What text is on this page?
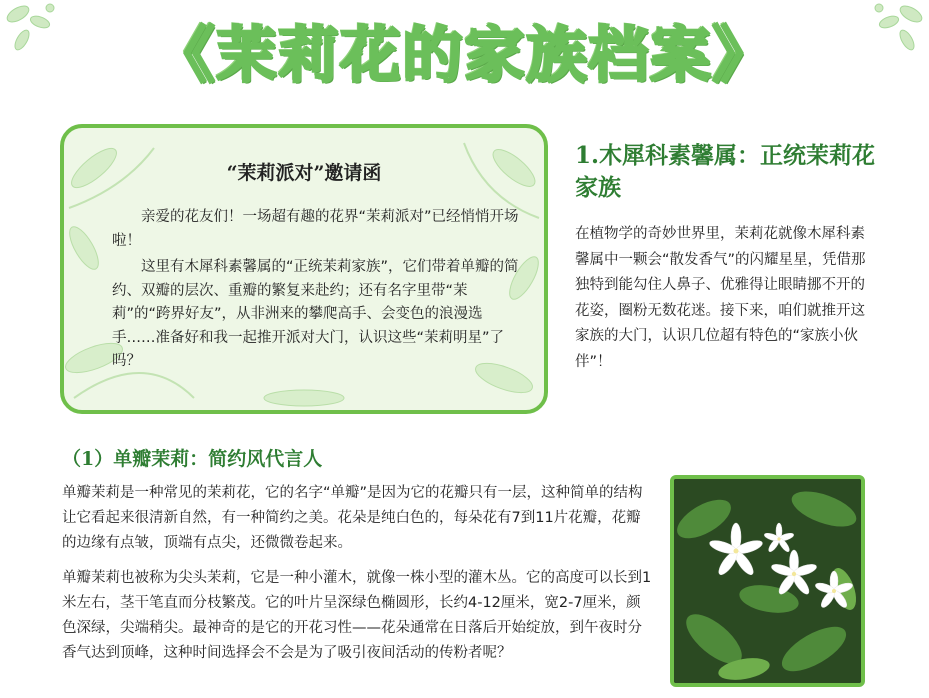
《茉莉花的家族档案》
“茉莉派对”邀请函

亲爱的花友们！一场超有趣的花界“茉莉派对”已经悄悄开场啦！

这里有木犀科素馨属的“正统茉莉家族”，它们带着单瓣的简约、双瓣的层次、重瓣的繁复来赴约；还有名字里带“茉莉”的“跨界好友”，从非洲来的攀爬高手、会变色的浪漫选手……准备好和我一起推开派对大门，认识这些“茉莉明星”了吗？

1.木犀科素馨属：正统茉莉花家族

在植物学的奇妙世界里，茉莉花就像木犀科素馨属中一颗会“散发香气”的闪耀星星，凭借那独特到能勾住人鼻子、优雅得让眼睛挪不开的花姿，圈粉无数花迷。接下来，咱们就推开这家族的大门，认识几位超有特色的“家族小伙伴”！

（1）单瓣茉莉：简约风代言人

单瓣茉莉是一种常见的茉莉花，它的名字“单瓣”是因为它的花瓣只有一层，这种简单的结构让它看起来很清新自然，有一种简约之美。花朵是纯白色的，每朵花有7到11片花瓣，花瓣的边缘有点皱，顶端有点尖，还微微卷起来。

单瓣茉莉也被称为尖头茉莉，它是一种小灌木，就像一株小型的灌木丛。它的高度可以长到1米左右，茎干笔直而分枝繁茂。它的叶片呈深绿色椭圆形，长约4-12厘米，宽2-7厘米，颜色深绿，尖端稍尖。最神奇的是它的开花习性——花朵通常在日落后开始绽放，到午夜时分香气达到顶峰，这种时间选择会不会是为了吸引夜间活动的传粉者呢？
